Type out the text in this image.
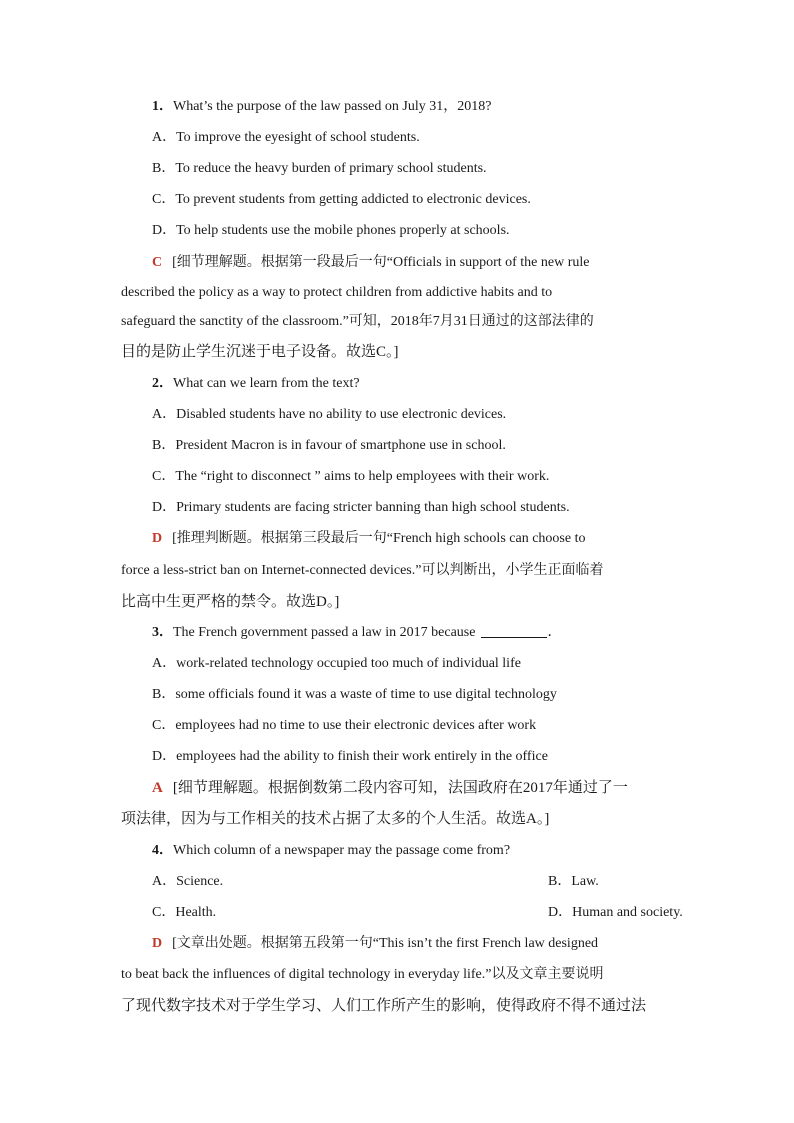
1．What’s the purpose of the law passed on July 31，2018?
A．To improve the eyesight of school students.
B．To reduce the heavy burden of primary school students.
C．To prevent students from getting addicted to electronic devices.
D．To help students use the mobile phones properly at schools.
C [细节理解题。根据第一段最后一句“Officials in support of the new rule
described the policy as a way to protect children from addictive habits and to
safeguard the sanctity of the classroom.”可知，2018年7月31日通过的这部法律的
目的是防止学生沉迷于电子设备。故选C。]
2．What can we learn from the text?
A．Disabled students have no ability to use electronic devices.
B．President Macron is in favour of smartphone use in school.
C．The “right to disconnect ” aims to help employees with their work.
D．Primary students are facing stricter banning than high school students.
D [推理判断题。根据第三段最后一句“French high schools can choose to
force a less-strict ban on Internet-connected devices.”可以判断出，小学生正面临着
比高中生更严格的禁令。故选D。]
3．The French government passed a law in 2017 because	．
A．work-related technology occupied too much of individual life
B．some officials found it was a waste of time to use digital technology
C．employees had no time to use their electronic devices after work
D．employees had the ability to finish their work entirely in the office
A [细节理解题。根据倒数第二段内容可知，法国政府在2017年通过了一
项法律，因为与工作相关的技术占据了太多的个人生活。故选A。]
4．Which column of a newspaper may the passage come from?
A．Science.	B．Law.
C．Health.	D．Human and society.
D [文章出处题。根据第五段第一句“This isn’t the first French law designed
to beat back the influences of digital technology in everyday life.”以及文章主要说明
了现代数字技术对于学生学习、人们工作所产生的影响，使得政府不得不通过法
